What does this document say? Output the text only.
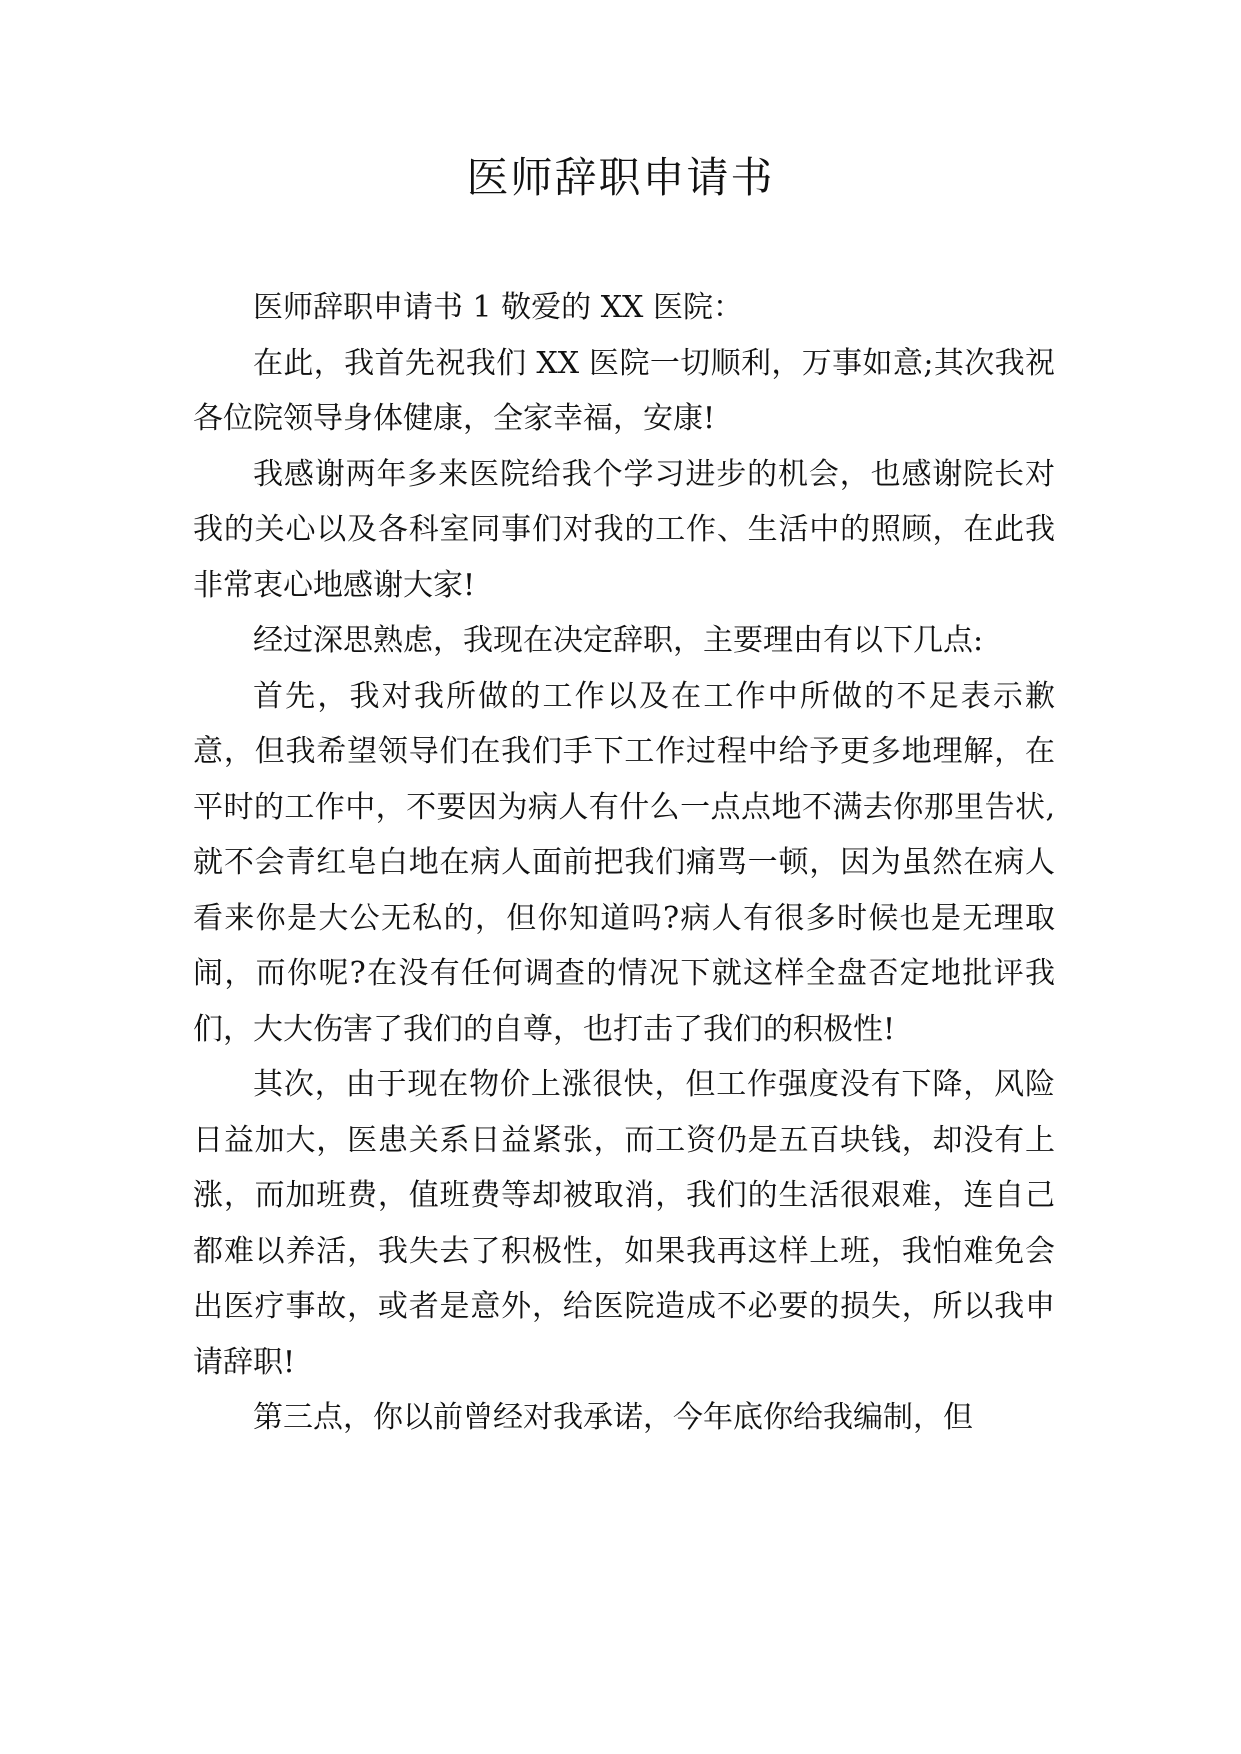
医师辞职申请书

医师辞职申请书 1 敬爱的 XX 医院：

在此，我首先祝我们 XX 医院一切顺利，万事如意;其次我祝各位院领导身体健康，全家幸福，安康!

我感谢两年多来医院给我个学习进步的机会，也感谢院长对我的关心以及各科室同事们对我的工作、生活中的照顾，在此我非常衷心地感谢大家!

经过深思熟虑，我现在决定辞职，主要理由有以下几点:

首先，我对我所做的工作以及在工作中所做的不足表示歉意，但我希望领导们在我们手下工作过程中给予更多地理解，在平时的工作中，不要因为病人有什么一点点地不满去你那里告状,就不会青红皂白地在病人面前把我们痛骂一顿，因为虽然在病人看来你是大公无私的，但你知道吗?病人有很多时候也是无理取闹，而你呢?在没有任何调查的情况下就这样全盘否定地批评我们，大大伤害了我们的自尊，也打击了我们的积极性!

其次，由于现在物价上涨很快，但工作强度没有下降，风险日益加大，医患关系日益紧张，而工资仍是五百块钱，却没有上涨，而加班费，值班费等却被取消，我们的生活很艰难，连自己都难以养活，我失去了积极性，如果我再这样上班，我怕难免会出医疗事故，或者是意外，给医院造成不必要的损失，所以我申请辞职!

第三点，你以前曾经对我承诺，今年底你给我编制，但
